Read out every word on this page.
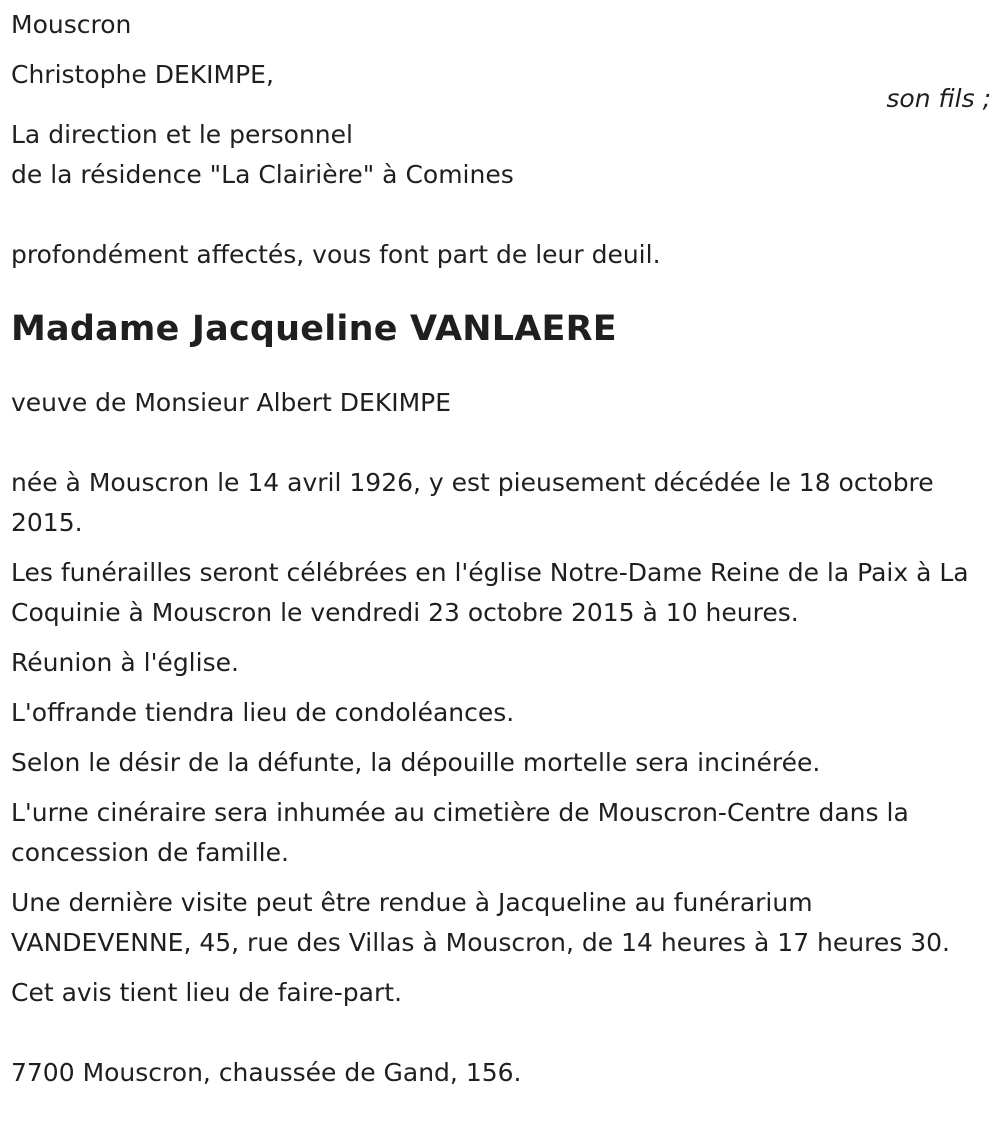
Mouscron
Christophe DEKIMPE,
son fils ;
La direction et le personnel
de la résidence "La Clairière" à Comines
profondément affectés, vous font part de leur deuil.
Madame Jacqueline VANLAERE
veuve de Monsieur Albert DEKIMPE

née à Mouscron le 14 avril 1926, y est pieusement décédée le 18 octobre 2015.

Les funérailles seront célébrées en l'église Notre-Dame Reine de la Paix à La Coquinie à Mouscron le vendredi 23 octobre 2015 à 10 heures.

Réunion à l'église.

L'offrande tiendra lieu de condoléances.

Selon le désir de la défunte, la dépouille mortelle sera incinérée.

L'urne cinéraire sera inhumée au cimetière de Mouscron-Centre dans la concession de famille.

Une dernière visite peut être rendue à Jacqueline au funérarium VANDEVENNE, 45, rue des Villas à Mouscron, de 14 heures à 17 heures 30.

Cet avis tient lieu de faire-part.

7700 Mouscron, chaussée de Gand, 156.
